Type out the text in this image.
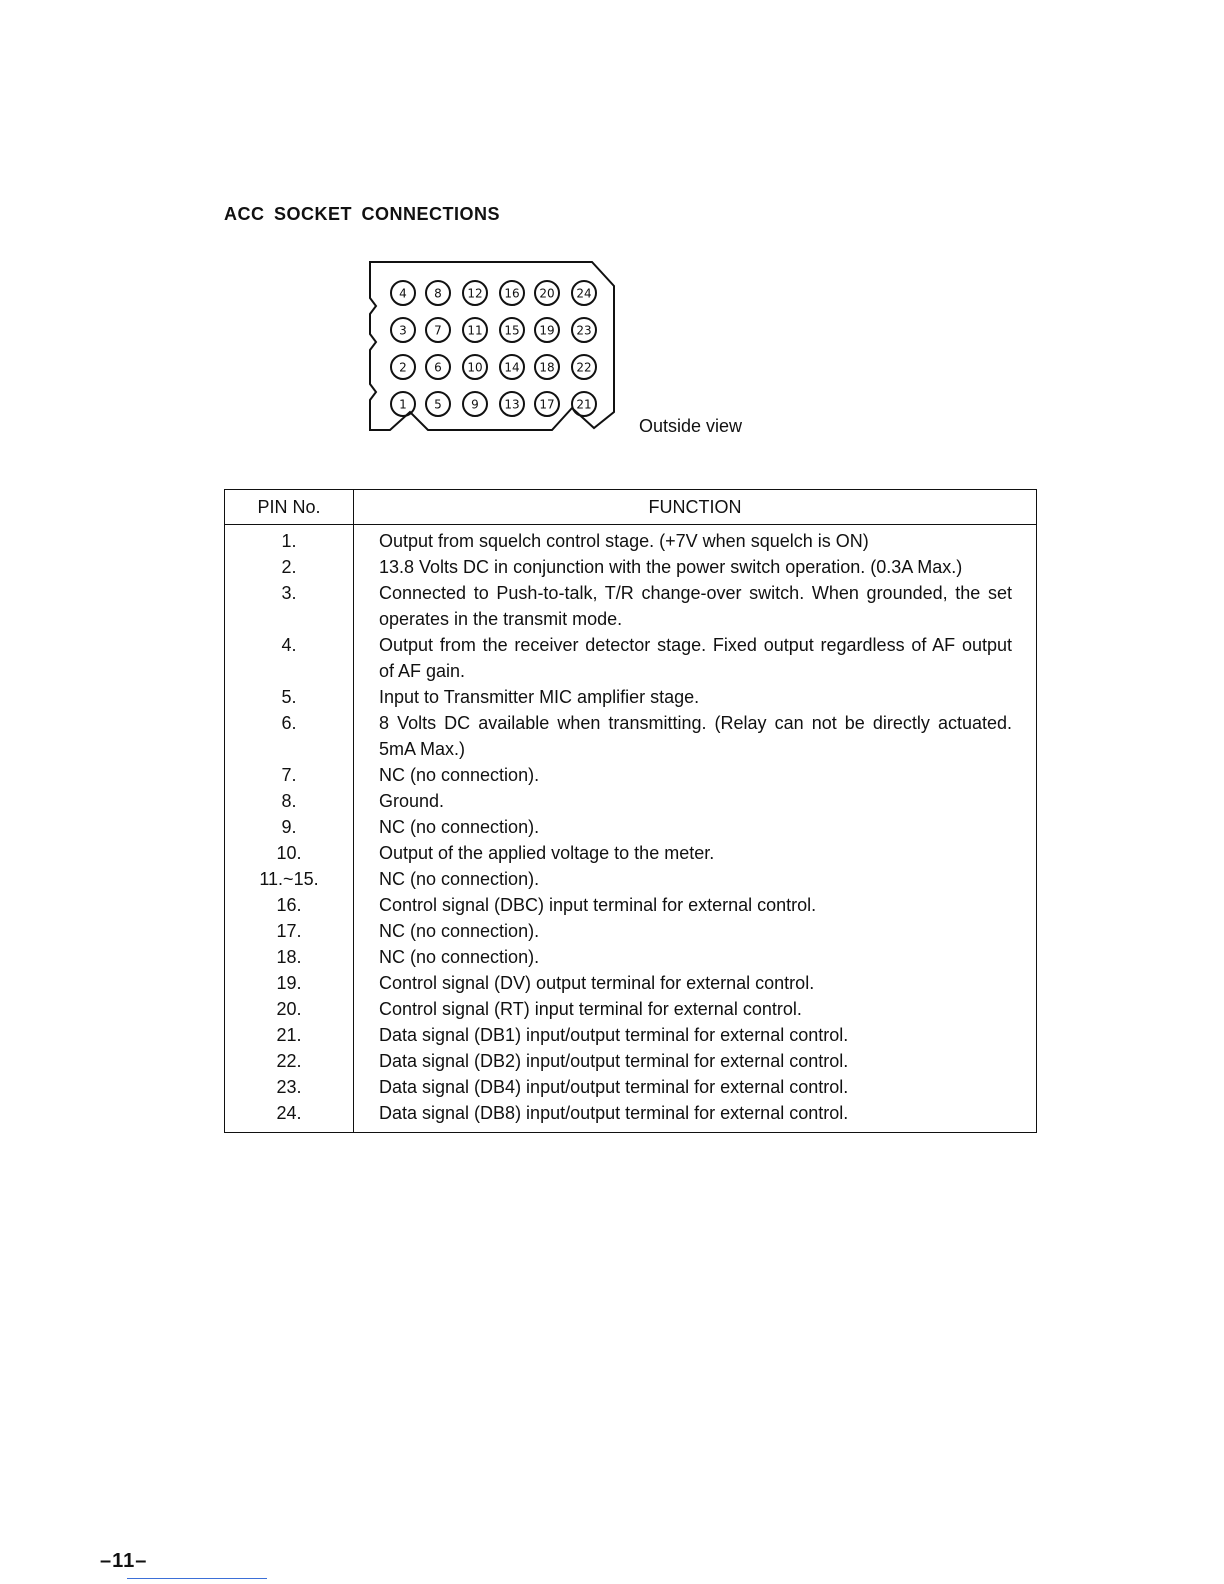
ACC SOCKET CONNECTIONS
4 8 12 16 20 24
3 7 11 15 19 23
2 6 10 14 18 22
1 5 9 13 17 21
Outside view
PIN No.	FUNCTION
1.	Output from squelch control stage. (+7V when squelch is ON)
2.	13.8 Volts DC in conjunction with the power switch operation. (0.3A Max.)
3.	Connected to Push-to-talk, T/R change-over switch. When grounded, the set operates in the transmit mode.
4.	Output from the receiver detector stage. Fixed output regardless of AF output of AF gain.
5.	Input to Transmitter MIC amplifier stage.
6.	8 Volts DC available when transmitting. (Relay can not be directly actuated. 5mA Max.)
7.	NC (no connection).
8.	Ground.
9.	NC (no connection).
10.	Output of the applied voltage to the meter.
11.~15.	NC (no connection).
16.	Control signal (DBC) input terminal for external control.
17.	NC (no connection).
18.	NC (no connection).
19.	Control signal (DV) output terminal for external control.
20.	Control signal (RT) input terminal for external control.
21.	Data signal (DB1) input/output terminal for external control.
22.	Data signal (DB2) input/output terminal for external control.
23.	Data signal (DB4) input/output terminal for external control.
24.	Data signal (DB8) input/output terminal for external control.
–11–
